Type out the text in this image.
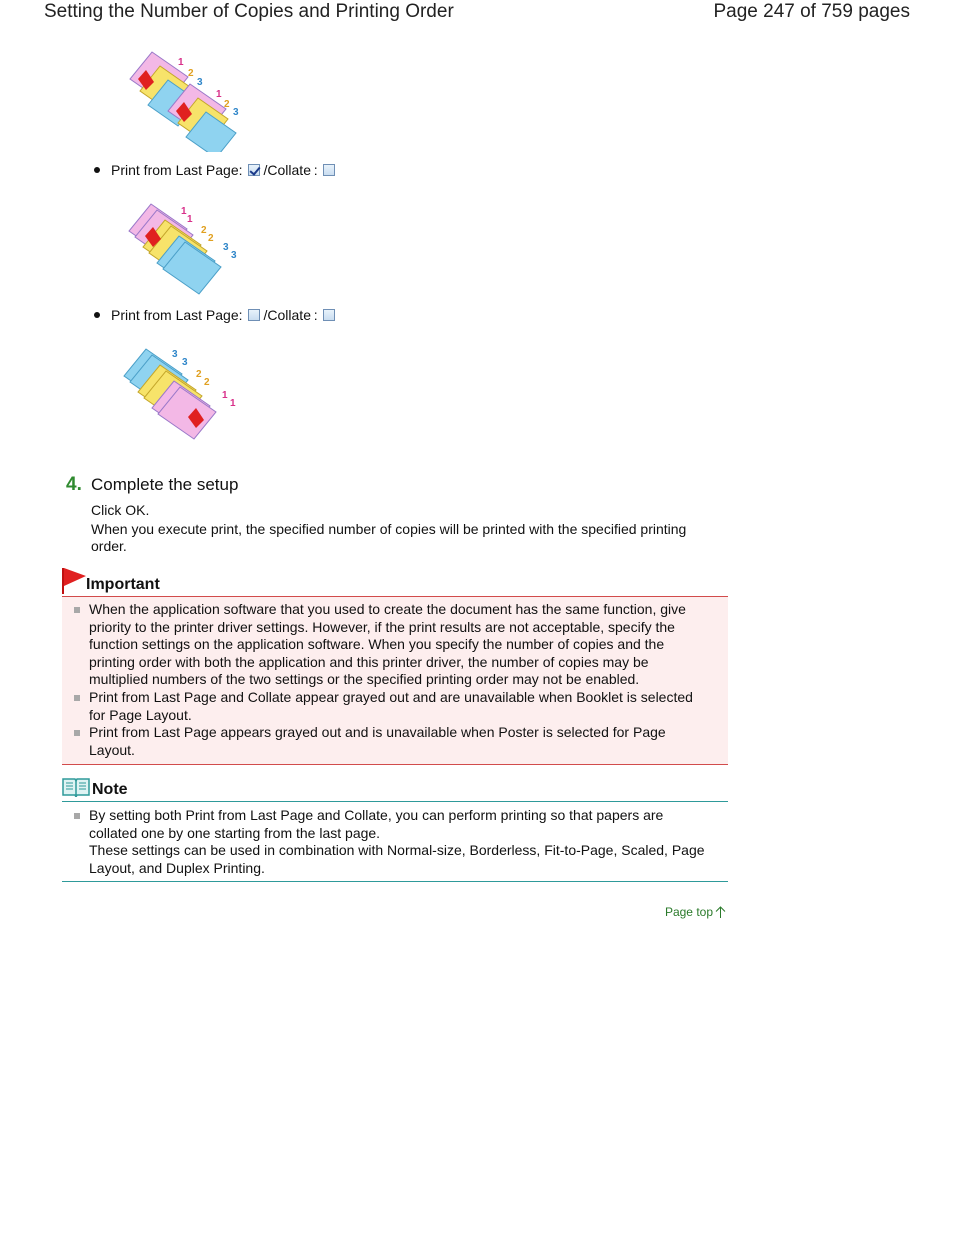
Setting the Number of Copies and Printing Order	Page 247 of 759 pages
1
2
3
1
2
3
Print from Last Page: /Collate :
1
1
2
2
3
3
Print from Last Page: /Collate :
3
3
2
2
1
1
4. Complete the setup
Click OK.
When you execute print, the specified number of copies will be printed with the specified printing order.
Important
When the application software that you used to create the document has the same function, give priority to the printer driver settings. However, if the print results are not acceptable, specify the function settings on the application software. When you specify the number of copies and the printing order with both the application and this printer driver, the number of copies may be multiplied numbers of the two settings or the specified printing order may not be enabled.
Print from Last Page and Collate appear grayed out and are unavailable when Booklet is selected for Page Layout.
Print from Last Page appears grayed out and is unavailable when Poster is selected for Page Layout.
Note
By setting both Print from Last Page and Collate, you can perform printing so that papers are collated one by one starting from the last page.
These settings can be used in combination with Normal-size, Borderless, Fit-to-Page, Scaled, Page Layout, and Duplex Printing.
Page top
